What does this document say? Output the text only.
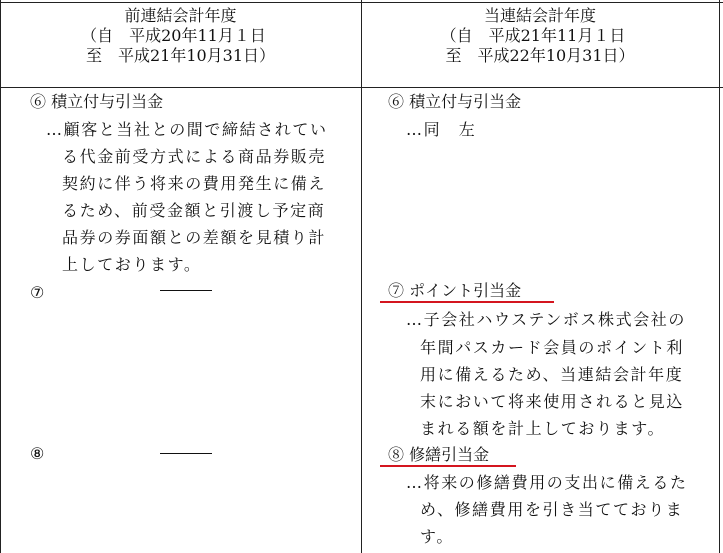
前連結会計年度
（自　平成20年11月１日
至　平成21年10月31日）
当連結会計年度
（自　平成21年11月１日
至　平成22年10月31日）
⑥ 積立付与引当金
…顧客と当社との間で締結されてい
る代金前受方式による商品券販売
契約に伴う将来の費用発生に備え
るため、前受金額と引渡し予定商
品券の券面額との差額を見積り計
上しております。
⑦
⑧
⑥ 積立付与引当金
…同　左
⑦ ポイント引当金
…子会社ハウステンボス株式会社の
年間パスカード会員のポイント利
用に備えるため、当連結会計年度
末において将来使用されると見込
まれる額を計上しております。
⑧ 修繕引当金
…将来の修繕費用の支出に備えるた
め、修繕費用を引き当てておりま
す。
